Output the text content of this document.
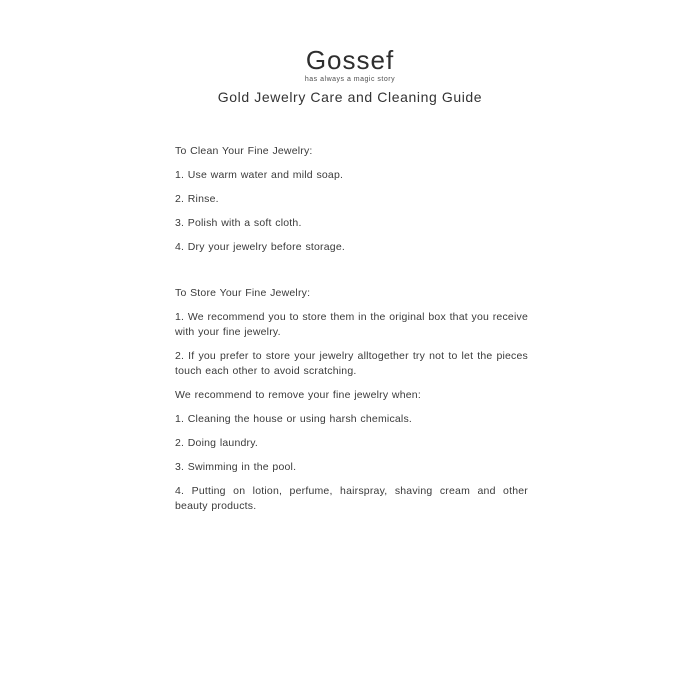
Gossef
has always a magic story
Gold Jewelry Care and Cleaning Guide

To Clean Your Fine Jewelry:

1. Use warm water and mild soap.

2. Rinse.

3. Polish with a soft cloth.

4. Dry your jewelry before storage.

To Store Your Fine Jewelry:

1. We recommend you to store them in the original box that you receive with your fine jewelry.

2. If you prefer to store your jewelry alltogether try not to let the pieces touch each other to avoid scratching.

We recommend to remove your fine jewelry when:

1. Cleaning the house or using harsh chemicals.

2. Doing laundry.

3. Swimming in the pool.

4. Putting on lotion, perfume, hairspray, shaving cream and other beauty products.
